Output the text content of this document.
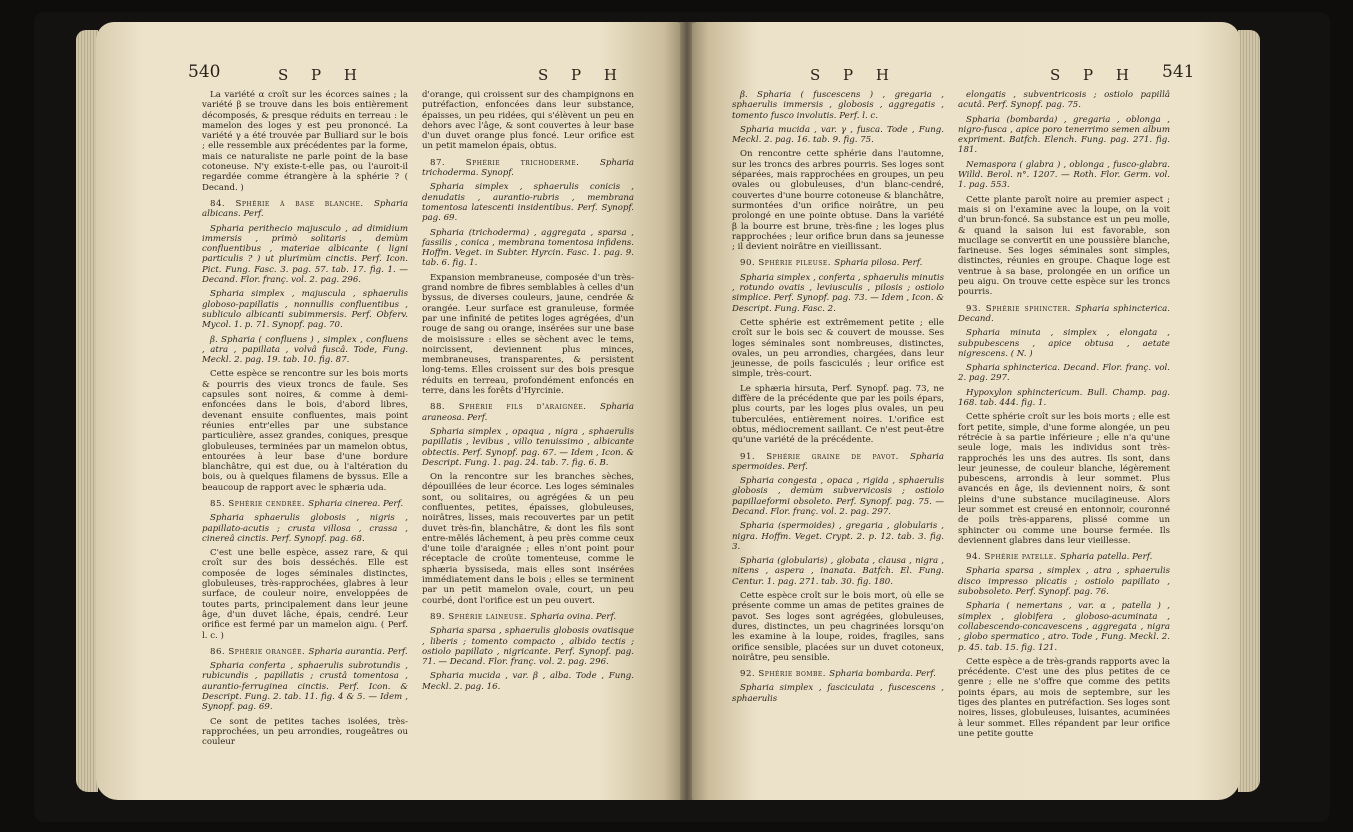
540	S P H	S P H

La variété α croît sur les écorces saines ; la variété β se trouve dans les bois entièrement décomposés, & presque réduits en terreau : le mamelon des loges y est peu prononcé. La variété γ a été trouvée par Bulliard sur le bois ; elle ressemble aux précédentes par la forme, mais ce naturaliste ne parle point de la base cotoneuse. N'y existe-t-elle pas, ou l'auroit-il regardée comme étrangère à la sphérie ? ( Decand. )

84. Sphérie à base blanche. Spharia albicans. Perf.

Spharia perithecio majusculo , ad dimidium immersis , primò solitaris , demùm confluentibus , materiae albicante ( ligni particulis ? ) ut plurimùm cinctis. Perf. Icon. Pict. Fung. Fasc. 3. pag. 57. tab. 17. fig. 1. — Decand. Flor. franç. vol. 2. pag. 296.

Spharia simplex , majuscula , sphaerulis globoso-papillatis , nonnullis confluentibus , subliculo albicanti subimmersis. Perf. Obferv. Mycol. 1. p. 71. Synopf. pag. 70.

β. Spharia ( confluens ) , simplex , confluens , atra , papillata , volvâ fuscâ. Tode, Fung. Meckl. 2. pag. 19. tab. 10. fig. 87.

Cette espèce se rencontre sur les bois morts & pourris des vieux troncs de faule. Ses capsules sont noires, & comme à demi-enfoncées dans le bois, d'abord libres, devenant ensuite confluentes, mais point réunies entr'elles par une substance particulière, assez grandes, coniques, presque globuleuses, terminées par un mamelon obtus, entourées à leur base d'une bordure blanchâtre, qui est due, ou à l'altération du bois, ou à quelques filamens de byssus. Elle a beaucoup de rapport avec le sphæria uda.

85. Sphérie cendrée. Spharia cinerea. Perf.

Spharia sphaerulis globosis , nigris , papillato-acutis ; crusta villosa , crassa , cinereâ cinctis. Perf. Synopf. pag. 68.

C'est une belle espèce, assez rare, & qui croît sur des bois desséchés. Elle est composée de loges séminales distinctes, globuleuses, très-rapprochées, glabres à leur surface, de couleur noire, enveloppées de toutes parts, principalement dans leur jeune âge, d'un duvet lâche, épais, cendré. Leur orifice est fermé par un mamelon aigu. ( Perf. l. c. )

86. Sphérie orangée. Spharia aurantia. Perf.

Spharia conferta , sphaerulis subrotundis , rubicundis , papillatis ; crustâ tomentosa , aurantio-ferruginea cinctis. Perf. Icon. & Descript. Fung. 2. tab. 11. fig. 4 & 5. — Idem , Synopf. pag. 69.

Ce sont de petites taches isolées, très-rapprochées, un peu arrondies, rougeâtres ou couleur

d'orange, qui croissent sur des champignons en putréfaction, enfoncées dans leur substance, épaisses, un peu ridées, qui s'élèvent un peu en dehors avec l'âge, & sont couvertes à leur base d'un duvet orange plus foncé. Leur orifice est un petit mamelon épais, obtus.

87. Sphérie trichoderme. Spharia trichoderma. Synopf.

Spharia simplex , sphaerulis conicis , denudatis , aurantio-rubris , membrana tomentosa latescenti insidentibus. Perf. Synopf. pag. 69.

Spharia (trichoderma) , aggregata , sparsa , fassilis , conica , membrana tomentosa infidens. Hoffm. Veget. in Subter. Hyrcin. Fasc. 1. pag. 9. tab. 6. fig. 1.

Expansion membraneuse, composée d'un très-grand nombre de fibres semblables à celles d'un byssus, de diverses couleurs, jaune, cendrée & orangée. Leur surface est granuleuse, formée par une infinité de petites loges agrégées, d'un rouge de sang ou orange, insérées sur une base de moisissure : elles se sèchent avec le tems, noircissent, deviennent plus minces, membraneuses, transparentes, & persistent long-tems. Elles croissent sur des bois presque réduits en terreau, profondément enfoncés en terre, dans les forêts d'Hyrcinie.

88. Sphérie fils d'araignée. Spharia araneosa. Perf.

Spharia simplex , opaqua , nigra , sphaerulis papillatis , levibus , villo tenuissimo , albicante obtectis. Perf. Synopf. pag. 67. — Idem , Icon. & Descript. Fung. 1. pag. 24. tab. 7. fig. 6. B.

On la rencontre sur les branches sèches, dépouillées de leur écorce. Les loges séminales sont, ou solitaires, ou agrégées & un peu confluentes, petites, épaisses, globuleuses, noirâtres, lisses, mais recouvertes par un petit duvet très-fin, blanchâtre, & dont les fils sont entre-mêlés lâchement, à peu près comme ceux d'une toile d'araignée ; elles n'ont point pour réceptacle de croûte tomenteuse, comme le sphæria byssiseda, mais elles sont insérées immédiatement dans le bois ; elles se terminent par un petit mamelon ovale, court, un peu courbé, dont l'orifice est un peu ouvert.

89. Sphérie laineuse. Spharia ovina. Perf.

Spharia sparsa , sphaerulis globosis ovatisque , liberis ; tomento compacto , albido tectis ; ostiolo papillato , nigricante. Perf. Synopf. pag. 71. — Decand. Flor. franç. vol. 2. pag. 296.

Spharia mucida , var. β , alba. Tode , Fung. Meckl. 2. pag. 16.

S P H	S P H 541

β. Spharia ( fuscescens ) , gregaria , sphaerulis immersis , globosis , aggregatis , tomento fusco involutis. Perf. l. c.

Spharia mucida , var. γ , fusca. Tode , Fung. Meckl. 2. pag. 16. tab. 9. fig. 75.

On rencontre cette sphérie dans l'automne, sur les troncs des arbres pourris. Ses loges sont séparées, mais rapprochées en groupes, un peu ovales ou globuleuses, d'un blanc-cendré, couvertes d'une bourre cotoneuse & blanchâtre, surmontées d'un orifice noirâtre, un peu prolongé en une pointe obtuse. Dans la variété β la bourre est brune, très-fine ; les loges plus rapprochées ; leur orifice brun dans sa jeunesse ; il devient noirâtre en vieillissant.

90. Sphérie pileuse. Spharia pilosa. Perf.

Spharia simplex , conferta , sphaerulis minutis , rotundo ovatis , leviusculis , pilosis ; ostiolo simplice. Perf. Synopf. pag. 73. — Idem , Icon. & Descript. Fung. Fasc. 2.

Cette sphérie est extrêmement petite ; elle croît sur le bois sec & couvert de mousse. Ses loges séminales sont nombreuses, distinctes, ovales, un peu arrondies, chargées, dans leur jeunesse, de poils fasciculés ; leur orifice est simple, très-court.

Le sphæria hirsuta, Perf. Synopf. pag. 73, ne diffère de la précédente que par les poils épars, plus courts, par les loges plus ovales, un peu tuberculées, entièrement noires. L'orifice est obtus, médiocrement saillant. Ce n'est peut-être qu'une variété de la précédente.

91. Sphérie graine de pavot. Spharia spermoides. Perf.

Spharia congesta , opaca , rigida , sphaerulis globosis , demùm subvervicosis ; ostiolo papillaeformi obsoleto. Perf. Synopf. pag. 75. — Decand. Flor. franç. vol. 2. pag. 297.

Spharia (spermoides) , gregaria , globularis , nigra. Hoffm. Veget. Crypt. 2. p. 12. tab. 3. fig. 3.

Spharia (globularis) , globata , clausa , nigra , nitens , aspera , inanata. Batfch. El. Fung. Centur. 1. pag. 271. tab. 30. fig. 180.

Cette espèce croît sur le bois mort, où elle se présente comme un amas de petites graines de pavot. Ses loges sont agrégées, globuleuses, dures, distinctes, un peu chagrinées lorsqu'on les examine à la loupe, roides, fragiles, sans orifice sensible, placées sur un duvet cotoneux, noirâtre, peu sensible.

92. Sphérie bombe. Spharia bombarda. Perf.

Spharia simplex , fasciculata , fuscescens , sphaerulis

elongatis , subventricosis ; ostiolo papillâ acutâ. Perf. Synopf. pag. 75.

Spharia (bombarda) , gregaria , oblonga , nigro-fusca , apice poro tenerrimo semen album expriment. Batfch. Elench. Fung. pag. 271. fig. 181.

Nemaspora ( glabra ) , oblonga , fusco-glabra. Willd. Berol. n°. 1207. — Roth. Flor. Germ. vol. 1. pag. 553.

Cette plante paroît noire au premier aspect ; mais si on l'examine avec la loupe, on la voit d'un brun-foncé. Sa substance est un peu molle, & quand la saison lui est favorable, son mucilage se convertit en une poussière blanche, farineuse. Ses loges séminales sont simples, distinctes, réunies en groupe. Chaque loge est ventrue à sa base, prolongée en un orifice un peu aigu. On trouve cette espèce sur les troncs pourris.

93. Sphérie sphincter. Spharia sphincterica. Decand.

Spharia minuta , simplex , elongata , subpubescens , apice obtusa , aetate nigrescens. ( N. )

Spharia sphincterica. Decand. Flor. franç. vol. 2. pag. 297.

Hypoxylon sphinctericum. Bull. Champ. pag. 168. tab. 444. fig. 1.

Cette sphérie croît sur les bois morts ; elle est fort petite, simple, d'une forme alongée, un peu rétrécie à sa partie inférieure ; elle n'a qu'une seule loge, mais les individus sont très-rapprochés les uns des autres. Ils sont, dans leur jeunesse, de couleur blanche, légèrement pubescens, arrondis à leur sommet. Plus avancés en âge, ils deviennent noirs, & sont pleins d'une substance mucilagineuse. Alors leur sommet est creusé en entonnoir, couronné de poils très-apparens, plissé comme un sphincter ou comme une bourse fermée. Ils deviennent glabres dans leur vieillesse.

94. Sphérie patelle. Spharia patella. Perf.

Spharia sparsa , simplex , atra , sphaerulis disco impresso plicatis ; ostiolo papillato , subobsoleto. Perf. Synopf. pag. 76.

Spharia ( nemertans , var. α , patella ) , simplex , globifera , globoso-acuminata , collabescendo-concavescens , aggregata , nigra , globo spermatico , atro. Tode , Fung. Meckl. 2. p. 45. tab. 15. fig. 121.

Cette espèce a de très-grands rapports avec la précédente. C'est une des plus petites de ce genre ; elle ne s'offre que comme des petits points épars, au mois de septembre, sur les tiges des plantes en putréfaction. Ses loges sont noires, lisses, globuleuses, luisantes, acuminées à leur sommet. Elles répandent par leur orifice une petite goutte
